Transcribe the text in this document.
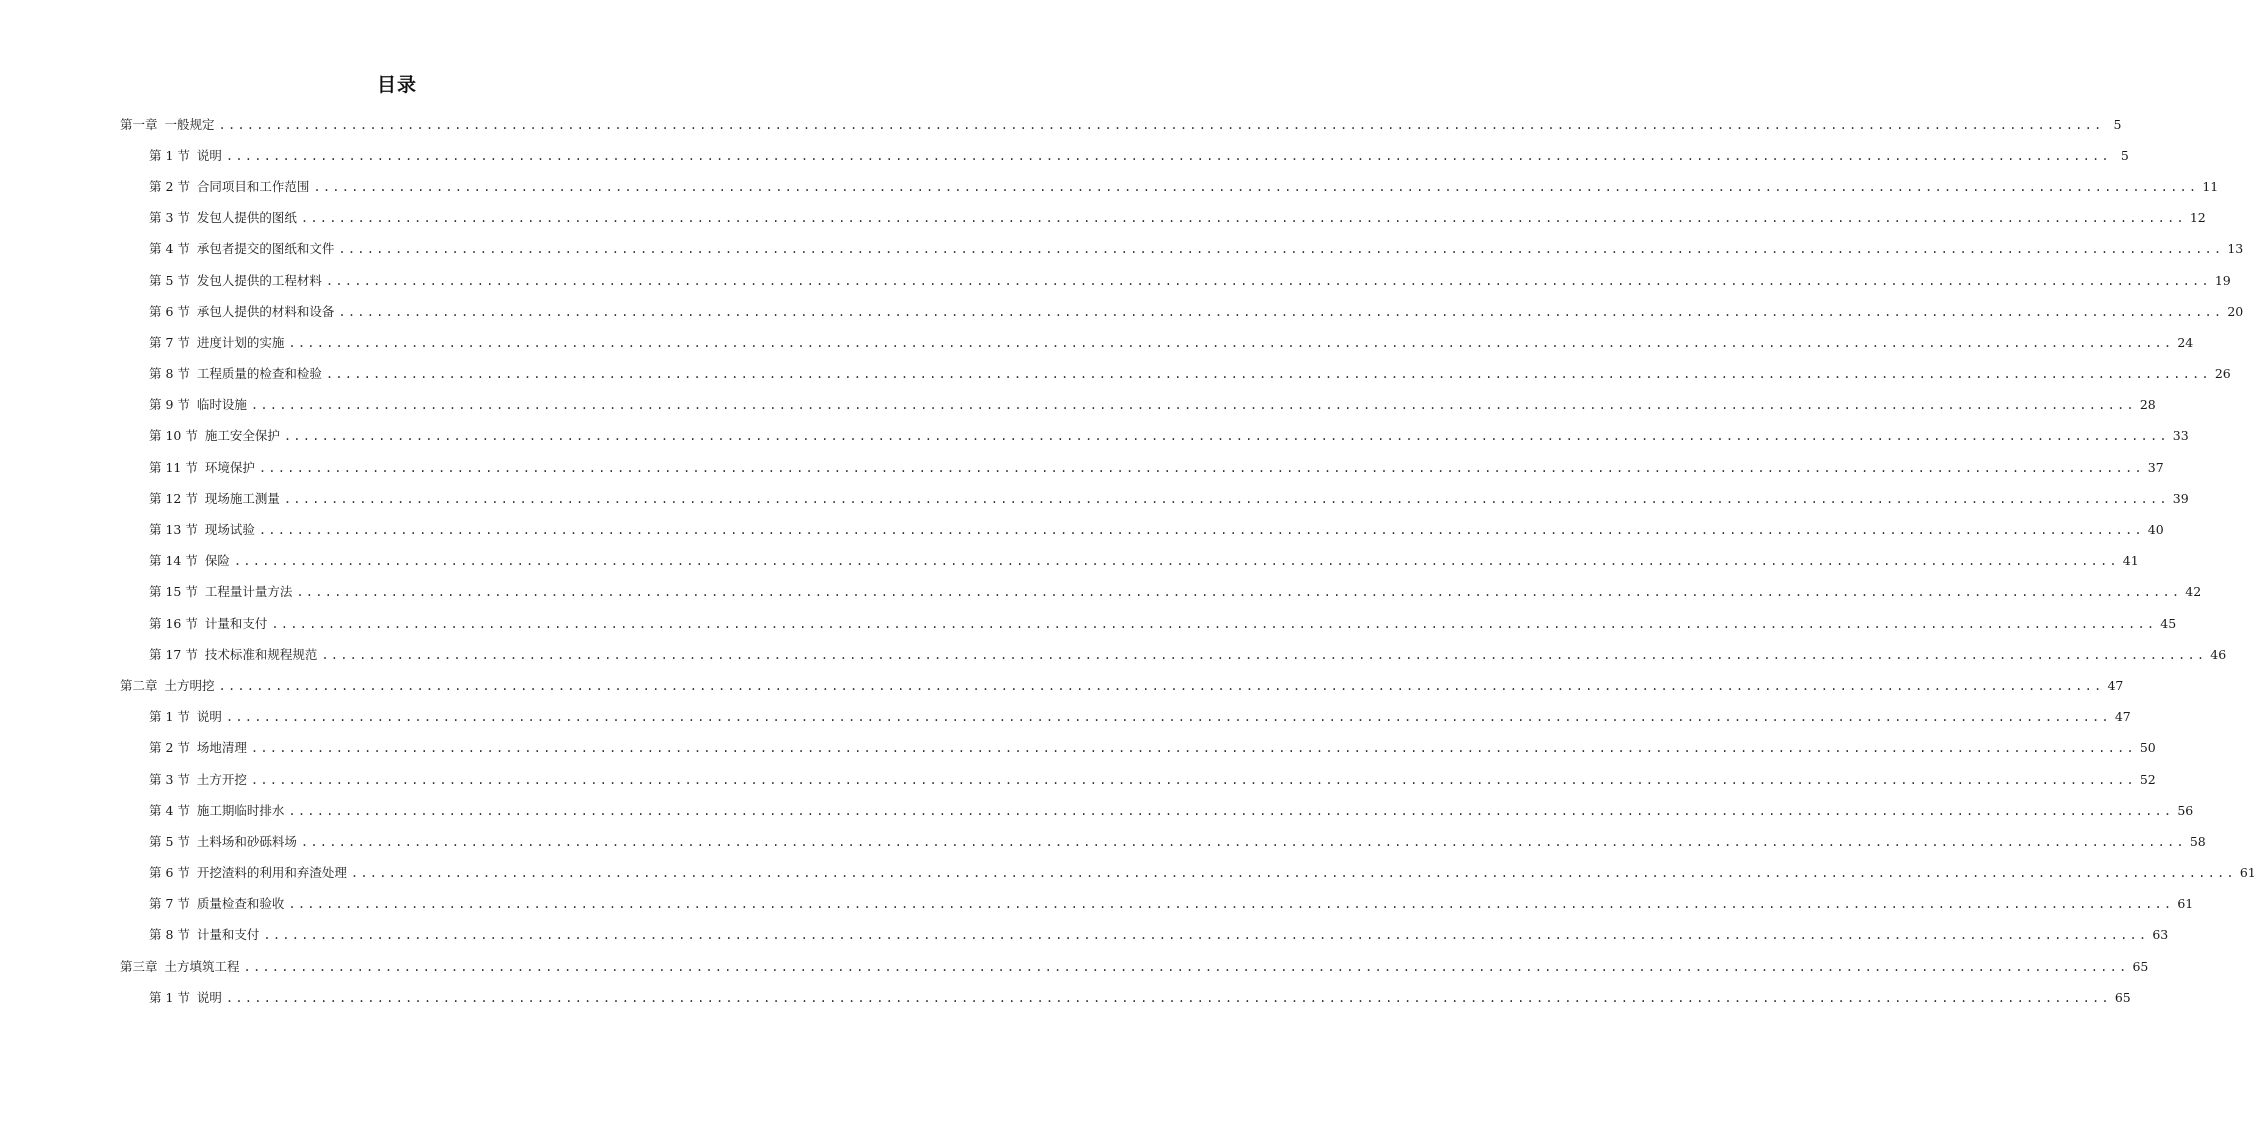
目录
第一章 一般规定 ........................................................................................................................................................................................................ 5
第 1 节 说明 ........................................................................................................................................................................................................ 5
第 2 节 合同项目和工作范围 ........................................................................................................................................................................................................ 11
第 3 节 发包人提供的图纸 ........................................................................................................................................................................................................ 12
第 4 节 承包者提交的图纸和文件 ........................................................................................................................................................................................................ 13
第 5 节 发包人提供的工程材料 ........................................................................................................................................................................................................ 19
第 6 节 承包人提供的材料和设备 ........................................................................................................................................................................................................ 20
第 7 节 进度计划的实施 ........................................................................................................................................................................................................ 24
第 8 节 工程质量的检查和检验 ........................................................................................................................................................................................................ 26
第 9 节 临时设施 ........................................................................................................................................................................................................ 28
第 10 节 施工安全保护 ........................................................................................................................................................................................................ 33
第 11 节 环境保护 ........................................................................................................................................................................................................ 37
第 12 节 现场施工测量 ........................................................................................................................................................................................................ 39
第 13 节 现场试验 ........................................................................................................................................................................................................ 40
第 14 节 保险 ........................................................................................................................................................................................................ 41
第 15 节 工程量计量方法 ........................................................................................................................................................................................................ 42
第 16 节 计量和支付 ........................................................................................................................................................................................................ 45
第 17 节 技术标准和规程规范 ........................................................................................................................................................................................................ 46
第二章 土方明挖 ........................................................................................................................................................................................................ 47
第 1 节 说明 ........................................................................................................................................................................................................ 47
第 2 节 场地清理 ........................................................................................................................................................................................................ 50
第 3 节 土方开挖 ........................................................................................................................................................................................................ 52
第 4 节 施工期临时排水 ........................................................................................................................................................................................................ 56
第 5 节 土料场和砂砾料场 ........................................................................................................................................................................................................ 58
第 6 节 开挖渣料的利用和弃渣处理 ........................................................................................................................................................................................................ 61
第 7 节 质量检查和验收 ........................................................................................................................................................................................................ 61
第 8 节 计量和支付 ........................................................................................................................................................................................................ 63
第三章 土方填筑工程 ........................................................................................................................................................................................................ 65
第 1 节 说明 ........................................................................................................................................................................................................ 65
